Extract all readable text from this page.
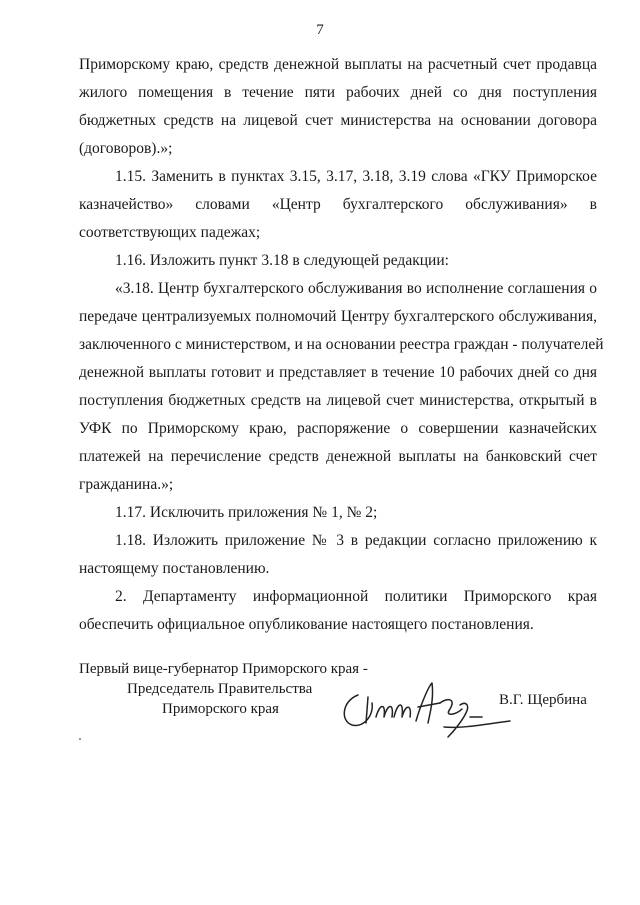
7
Приморскому краю, средств денежной выплаты на расчетный счет продавца
жилого помещения в течение пяти рабочих дней со дня поступления
бюджетных средств на лицевой счет министерства на основании договора
(договоров).»;
1.15. Заменить в пунктах 3.15, 3.17, 3.18, 3.19 слова «ГКУ Приморское
казначейство» словами «Центр бухгалтерского обслуживания» в
соответствующих падежах;
1.16. Изложить пункт 3.18 в следующей редакции:
«3.18. Центр бухгалтерского обслуживания во исполнение соглашения о
передаче централизуемых полномочий Центру бухгалтерского обслуживания,
заключенного с министерством, и на основании реестра граждан - получателей
денежной выплаты готовит и представляет в течение 10 рабочих дней со дня
поступления бюджетных средств на лицевой счет министерства, открытый в
УФК по Приморскому краю, распоряжение о совершении казначейских
платежей на перечисление средств денежной выплаты на банковский счет
гражданина.»;
1.17. Исключить приложения № 1, № 2;
1.18. Изложить приложение № 3 в редакции согласно приложению к
настоящему постановлению.
2. Департаменту информационной политики Приморского края
обеспечить официальное опубликование настоящего постановления.
Первый вице-губернатор Приморского края -
Председатель Правительства
Приморского края
В.Г. Щербина
